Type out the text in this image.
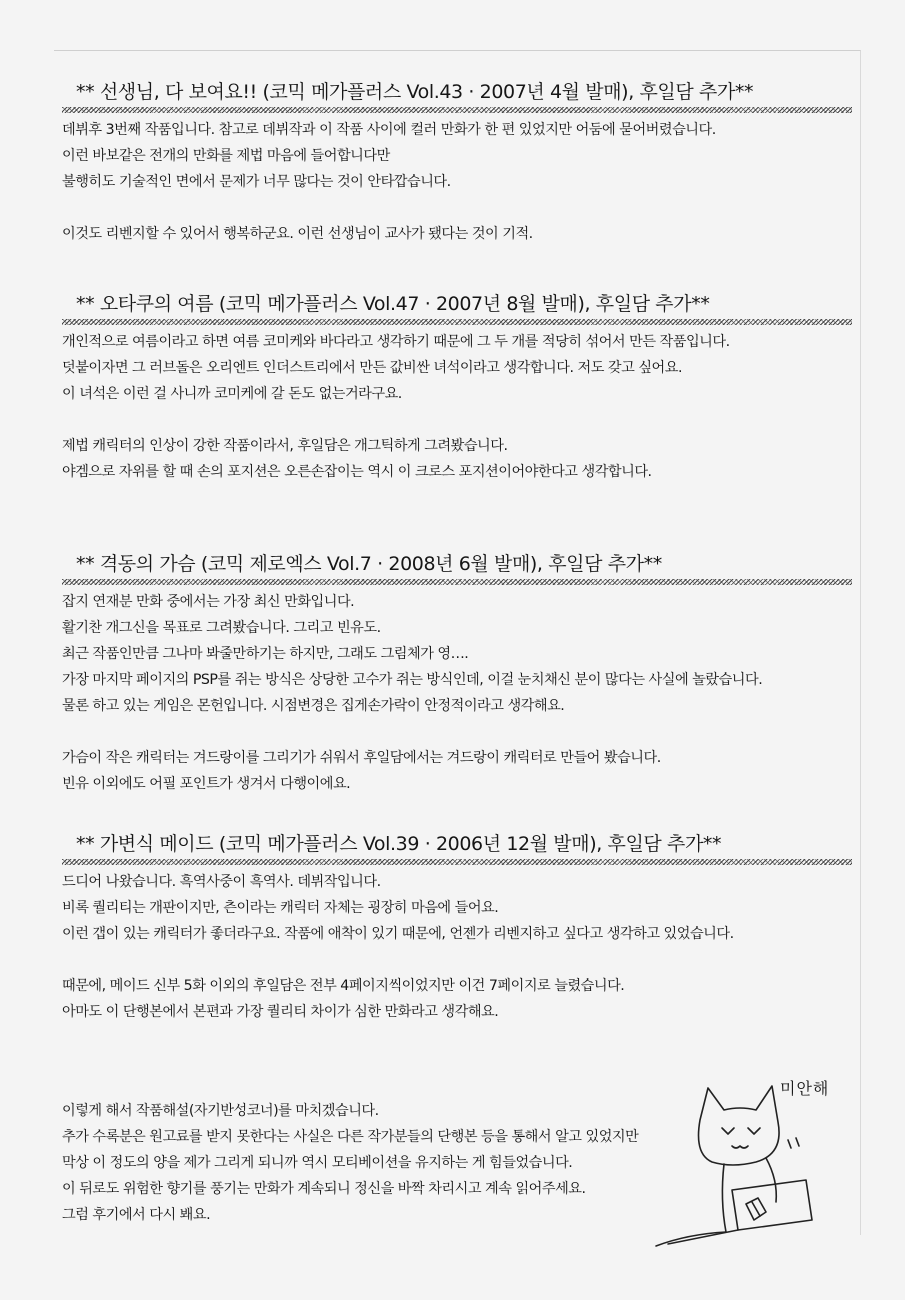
** 선생님, 다 보여요!! (코믹 메가플러스 Vol.43 · 2007년 4월 발매), 후일담 추가**
데뷔후 3번째 작품입니다. 참고로 데뷔작과 이 작품 사이에 컬러 만화가 한 편 있었지만 어둠에 묻어버렸습니다.
이런 바보같은 전개의 만화를 제법 마음에 들어합니다만
불행히도 기술적인 면에서 문제가 너무 많다는 것이 안타깝습니다.
이것도 리벤지할 수 있어서 행복하군요. 이런 선생님이 교사가 됐다는 것이 기적.
** 오타쿠의 여름 (코믹 메가플러스 Vol.47 · 2007년 8월 발매), 후일담 추가**
개인적으로 여름이라고 하면 여름 코미케와 바다라고 생각하기 때문에 그 두 개를 적당히 섞어서 만든 작품입니다.
덧붙이자면 그 러브돌은 오리엔트 인더스트리에서 만든 값비싼 녀석이라고 생각합니다. 저도 갖고 싶어요.
이 녀석은 이런 걸 사니까 코미케에 갈 돈도 없는거라구요.
제법 캐릭터의 인상이 강한 작품이라서, 후일담은 개그틱하게 그려봤습니다.
야겜으로 자위를 할 때 손의 포지션은 오른손잡이는 역시 이 크로스 포지션이어야한다고 생각합니다.
** 격동의 가슴 (코믹 제로엑스 Vol.7 · 2008년 6월 발매), 후일담 추가**
잡지 연재분 만화 중에서는 가장 최신 만화입니다.
활기찬 개그신을 목표로 그려봤습니다. 그리고 빈유도.
최근 작품인만큼 그나마 봐줄만하기는 하지만, 그래도 그림체가 영….
가장 마지막 페이지의 PSP를 쥐는 방식은 상당한 고수가 쥐는 방식인데, 이걸 눈치채신 분이 많다는 사실에 놀랐습니다.
물론 하고 있는 게임은 몬헌입니다. 시점변경은 집게손가락이 안정적이라고 생각해요.
가슴이 작은 캐릭터는 겨드랑이를 그리기가 쉬워서 후일담에서는 겨드랑이 캐릭터로 만들어 봤습니다.
빈유 이외에도 어필 포인트가 생겨서 다행이에요.
** 가변식 메이드 (코믹 메가플러스 Vol.39 · 2006년 12월 발매), 후일담 추가**
드디어 나왔습니다. 흑역사중이 흑역사. 데뷔작입니다.
비록 퀄리티는 개판이지만, 츤이라는 캐릭터 자체는 굉장히 마음에 들어요.
이런 갭이 있는 캐릭터가 좋더라구요. 작품에 애착이 있기 때문에, 언젠가 리벤지하고 싶다고 생각하고 있었습니다.
때문에, 메이드 신부 5화 이외의 후일담은 전부 4페이지씩이었지만 이건 7페이지로 늘렸습니다.
아마도 이 단행본에서 본편과 가장 퀄리티 차이가 심한 만화라고 생각해요.
이렇게 해서 작품해설(자기반성코너)를 마치겠습니다.
추가 수록분은 원고료를 받지 못한다는 사실은 다른 작가분들의 단행본 등을 통해서 알고 있었지만
막상 이 정도의 양을 제가 그리게 되니까 역시 모티베이션을 유지하는 게 힘들었습니다.
이 뒤로도 위험한 향기를 풍기는 만화가 계속되니 정신을 바짝 차리시고 계속 읽어주세요.
그럼 후기에서 다시 봬요.
미안해
